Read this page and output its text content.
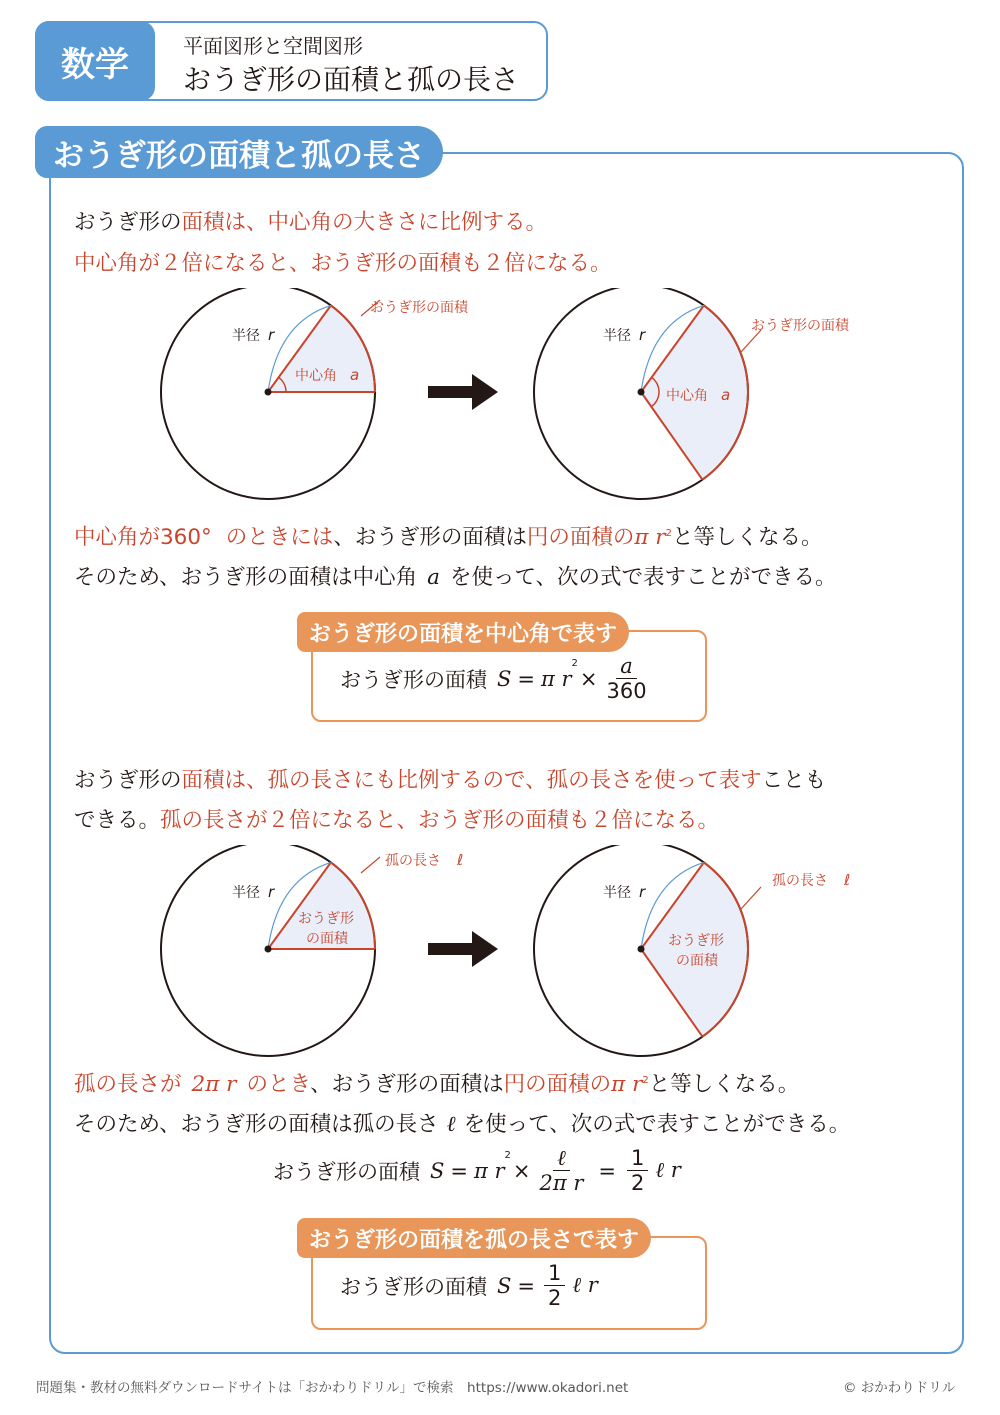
数学	平面図形と空間図形
おうぎ形の面積と孤の長さ
おうぎ形の面積と孤の長さ
おうぎ形の面積は、中心角の大きさに比例する。
中心角が２倍になると、おうぎ形の面積も２倍になる。
半径 r
中心角 a
おうぎ形の面積
半径 r
中心角 a
おうぎ形の面積
中心角が360° のときには、おうぎ形の面積は円の面積のπ $r^2$と等しくなる。
そのため、おうぎ形の面積は中心角 a を使って、次の式で表すことができる。
おうぎ形の面積を中心角で表す
おうぎ形の面積 S = π r
$^2$
× $\frac{a}{360}$
おうぎ形の面積は、孤の長さにも比例するので、孤の長さを使って表すことも
できる。孤の長さが２倍になると、おうぎ形の面積も２倍になる。
半径 r
おうぎ形
の面積
孤の長さ ℓ
半径 r
おうぎ形
の面積
孤の長さ ℓ
孤の長さが 2π r のとき、おうぎ形の面積は円の面積のπ $r^2$と等しくなる。
そのため、おうぎ形の面積は孤の長さ ℓ を使って、次の式で表すことができる。
おうぎ形の面積 S = π r
$^2$
× $\frac{\text{ℓ}}{\text{2π r}} = \frac{1}{2}$ ℓ r
おうぎ形の面積を孤の長さで表す
おうぎ形の面積 $S = \frac{1}{2}$ ℓ r
問題集・教材の無料ダウンロードサイトは「おかわりドリル」で検索　https://www.okadori.net	© おかわりドリル
